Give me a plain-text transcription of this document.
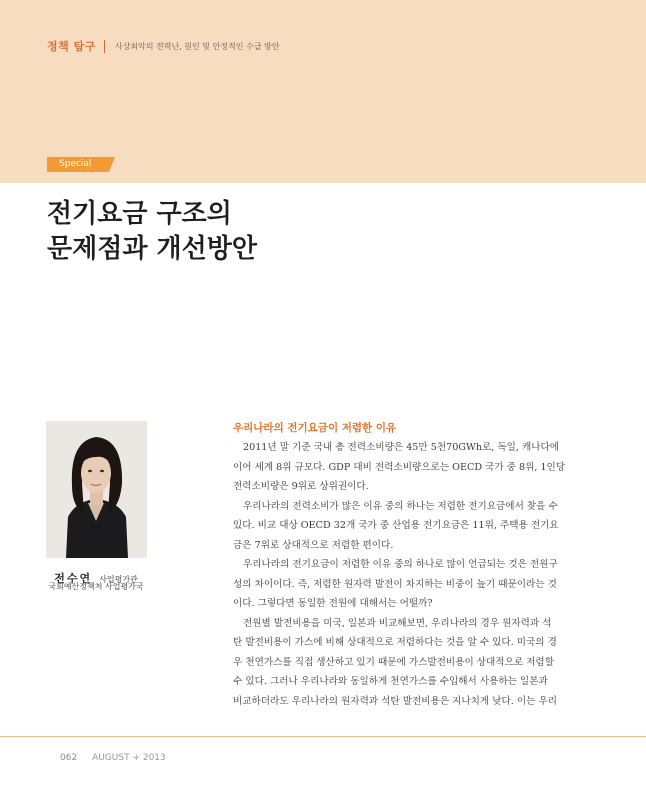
정책 탐구 사상최악의 전력난, 원인 및 안정적인 수급 방안
Special
전기요금 구조의
문제점과 개선방안
전수연 사업평가관
국회예산정책처 사업평가국
우리나라의 전기요금이 저렴한 이유

2011년 말 기준 국내 총 전력소비량은 45만 5천70GWh로, 독일, 캐나다에
이어 세계 8위 규모다. GDP 대비 전력소비량으로는 OECD 국가 중 8위, 1인당
전력소비량은 9위로 상위권이다.

우리나라의 전력소비가 많은 이유 중의 하나는 저렴한 전기요금에서 찾을 수
있다. 비교 대상 OECD 32개 국가 중 산업용 전기요금은 11위, 주택용 전기요
금은 7위로 상대적으로 저렴한 편이다.

우리나라의 전기요금이 저렴한 이유 중의 하나로 많이 언급되는 것은 전원구
성의 차이이다. 즉, 저렴한 원자력 발전이 차지하는 비중이 높기 때문이라는 것
이다. 그렇다면 동일한 전원에 대해서는 어떨까?

전원별 발전비용을 미국, 일본과 비교해보면, 우리나라의 경우 원자력과 석
탄 발전비용이 가스에 비해 상대적으로 저렴하다는 것을 알 수 있다. 미국의 경
우 천연가스를 직접 생산하고 있기 때문에 가스발전비용이 상대적으로 저렴할
수 있다. 그러나 우리나라와 동일하게 천연가스를 수입해서 사용하는 일본과
비교하더라도 우리나라의 원자력과 석탄 발전비용은 지나치게 낮다. 이는 우리

062 AUGUST + 2013
